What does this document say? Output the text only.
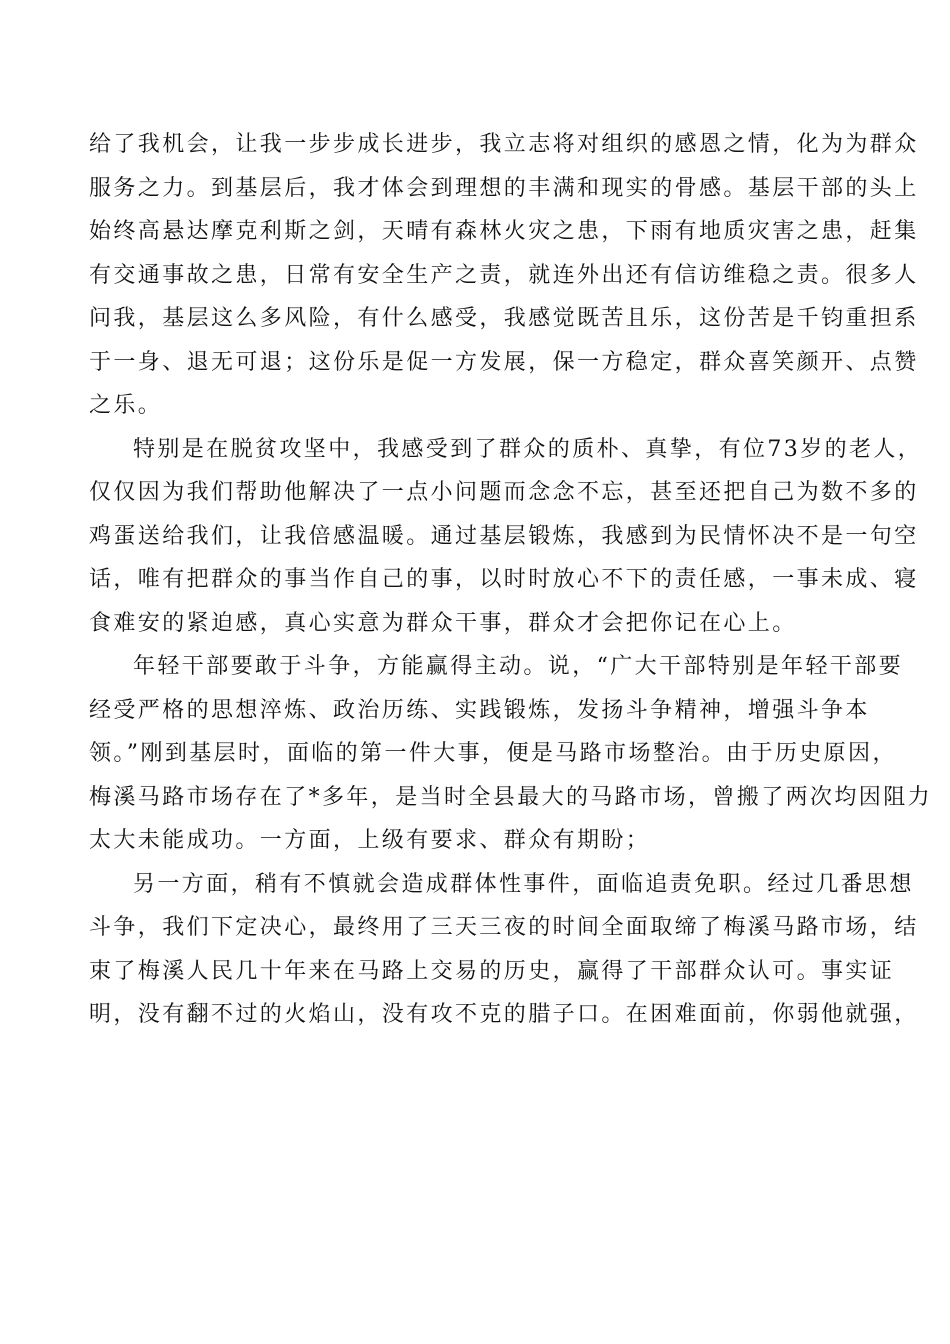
给了我机会，让我一步步成长进步，我立志将对组织的感恩之情，化为为群众
服务之力。到基层后，我才体会到理想的丰满和现实的骨感。基层干部的头上
始终高悬达摩克利斯之剑，天晴有森林火灾之患，下雨有地质灾害之患，赶集
有交通事故之患，日常有安全生产之责，就连外出还有信访维稳之责。很多人
问我，基层这么多风险，有什么感受，我感觉既苦且乐，这份苦是千钧重担系
于一身、退无可退；这份乐是促一方发展，保一方稳定，群众喜笑颜开、点赞
之乐。
特别是在脱贫攻坚中，我感受到了群众的质朴、真挚，有位73岁的老人，
仅仅因为我们帮助他解决了一点小问题而念念不忘，甚至还把自己为数不多的
鸡蛋送给我们，让我倍感温暖。通过基层锻炼，我感到为民情怀决不是一句空
话，唯有把群众的事当作自己的事，以时时放心不下的责任感，一事未成、寝
食难安的紧迫感，真心实意为群众干事，群众才会把你记在心上。
年轻干部要敢于斗争，方能赢得主动。说，“广大干部特别是年轻干部要
经受严格的思想淬炼、政治历练、实践锻炼，发扬斗争精神，增强斗争本
领。”刚到基层时，面临的第一件大事，便是马路市场整治。由于历史原因，
梅溪马路市场存在了*多年，是当时全县最大的马路市场，曾搬了两次均因阻力
太大未能成功。一方面，上级有要求、群众有期盼；
另一方面，稍有不慎就会造成群体性事件，面临追责免职。经过几番思想
斗争，我们下定决心，最终用了三天三夜的时间全面取缔了梅溪马路市场，结
束了梅溪人民几十年来在马路上交易的历史，赢得了干部群众认可。事实证
明，没有翻不过的火焰山，没有攻不克的腊子口。在困难面前，你弱他就强，
